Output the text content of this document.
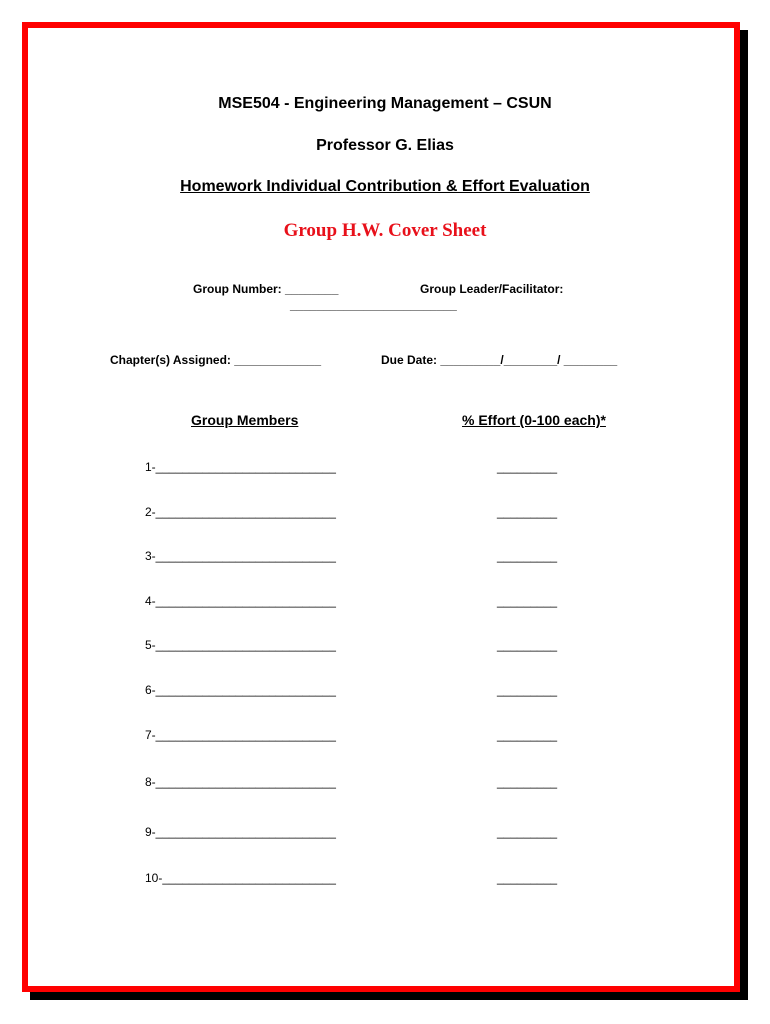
MSE504 - Engineering Management – CSUN
Professor G. Elias
Homework Individual Contribution & Effort Evaluation
Group H.W. Cover Sheet
Group Number: ________	Group Leader/Facilitator:
_________________________
Chapter(s) Assigned: _____________	Due Date: _________/________/ ________
Group Members	% Effort (0-100 each)*
1-___________________________	_________
2-___________________________	_________
3-___________________________	_________
4-___________________________	_________
5-___________________________	_________
6-___________________________	_________
7-___________________________	_________
8-___________________________	_________
9-___________________________	_________
10-__________________________	_________
